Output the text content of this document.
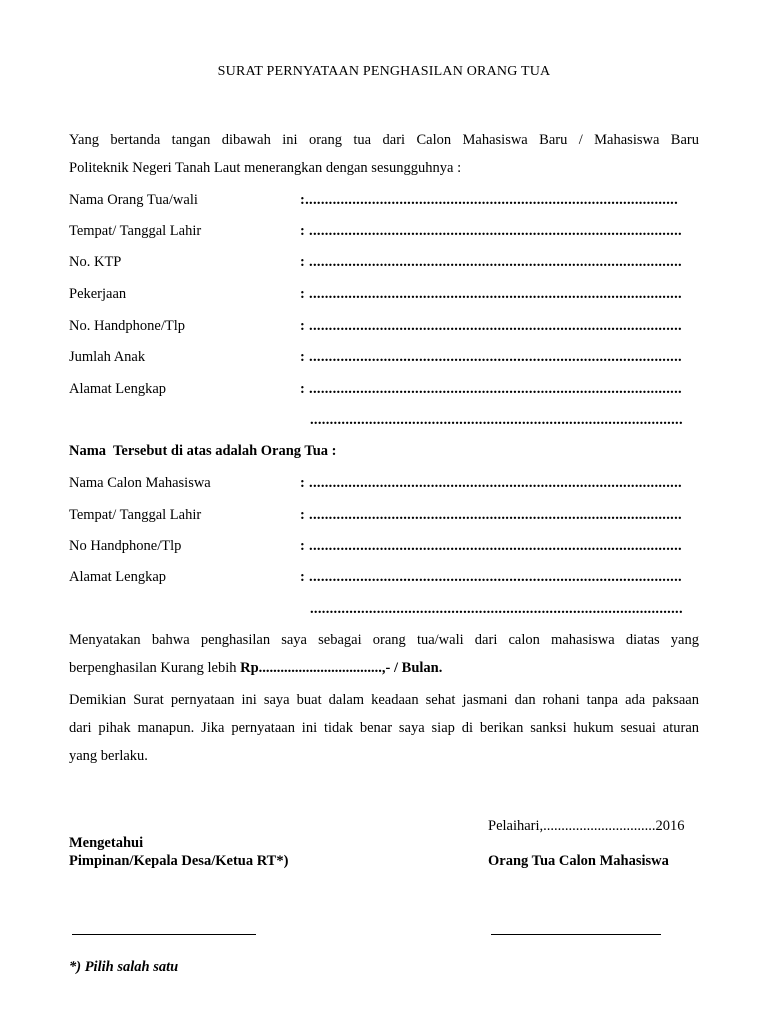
SURAT PERNYATAAN PENGHASILAN ORANG TUA
Yang bertanda tangan dibawah ini orang tua dari Calon Mahasiswa Baru / Mahasiswa Baru
Politeknik Negeri Tanah Laut menerangkan dengan sesungguhnya :
Nama Orang Tua/wali	:...............................................................................................
Tempat/ Tanggal Lahir	: ...............................................................................................
No. KTP	: ...............................................................................................
Pekerjaan	: ...............................................................................................
No. Handphone/Tlp	: ...............................................................................................
Jumlah Anak	: ...............................................................................................
Alamat Lengkap	: ...............................................................................................
...............................................................................................
Nama  Tersebut di atas adalah Orang Tua :
Nama Calon Mahasiswa	: ...............................................................................................
Tempat/ Tanggal Lahir	: ...............................................................................................
No Handphone/Tlp	: ...............................................................................................
Alamat Lengkap	: ...............................................................................................
...............................................................................................
Menyatakan bahwa penghasilan saya sebagai orang tua/wali dari calon mahasiswa diatas yang
berpenghasilan Kurang lebih Rp..................................,- / Bulan.
Demikian Surat pernyataan ini saya buat dalam keadaan sehat jasmani dan rohani tanpa ada paksaan
dari pihak manapun. Jika pernyataan ini tidak benar saya siap di berikan sanksi hukum sesuai aturan
yang berlaku.
Pelaihari,...............................2016
Mengetahui
Pimpinan/Kepala Desa/Ketua RT*)	Orang Tua Calon Mahasiswa
*) Pilih salah satu
